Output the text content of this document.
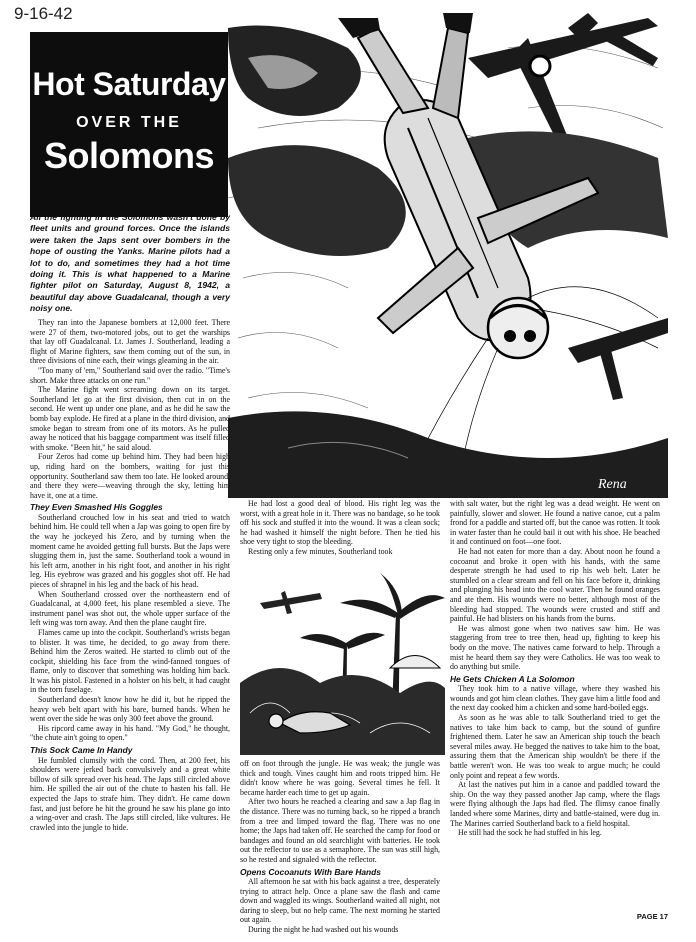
9-16-42
Rena
Hot Saturday
OVER THE
Solomons
All the fighting in the Solomons wasn't done by fleet units and ground forces. Once the islands were taken the Japs sent over bombers in the hope of ousting the Yanks. Marine pilots had a lot to do, and sometimes they had a hot time doing it. This is what happened to a Marine fighter pilot on Saturday, August 8, 1942, a beautiful day above Guadalcanal, though a very noisy one.

They ran into the Japanese bombers at 12,000 feet. There were 27 of them, two-motored jobs, out to get the warships that lay off Guadalcanal. Lt. James J. Southerland, leading a flight of Marine fighters, saw them coming out of the sun, in three divisions of nine each, their wings gleaming in the air.

"Too many of 'em," Southerland said over the radio. "Time's short. Make three attacks on one run."

The Marine fight went screaming down on its target. Southerland let go at the first division, then cut in on the second. He went up under one plane, and as he did he saw the bomb bay explode. He fired at a plane in the third division, and smoke began to stream from one of its motors. As he pulled away he noticed that his baggage compartment was itself filled with smoke. "Been hit," he said aloud.

Four Zeros had come up behind him. They had been high up, riding hard on the bombers, waiting for just this opportunity. Southerland saw them too late. He looked around, and there they were—weaving through the sky, letting him have it, one at a time.

They Even Smashed His Goggles

Southerland crouched low in his seat and tried to watch behind him. He could tell when a Jap was going to open fire by the way he jockeyed his Zero, and by turning when the moment came he avoided getting full bursts. But the Japs were slugging them in, just the same. Southerland took a wound in his left arm, another in his right foot, and another in his right leg. His eyebrow was grazed and his goggles shot off. He had pieces of shrapnel in his leg and the back of his head.

When Southerland crossed over the northeastern end of Guadalcanal, at 4,000 feet, his plane resembled a sieve. The instrument panel was shot out, the whole upper surface of the left wing was torn away. And then the plane caught fire.

Flames came up into the cockpit. Southerland's wrists began to blister. It was time, he decided, to go away from there. Behind him the Zeros waited. He started to climb out of the cockpit, shielding his face from the wind-fanned tongues of flame, only to discover that something was holding him back. It was his pistol. Fastened in a holster on his belt, it had caught in the torn fuselage.

Southerland doesn't know how he did it, but he ripped the heavy web belt apart with his bare, burned hands. When he went over the side he was only 300 feet above the ground.

His ripcord came away in his hand. "My God," he thought, "the chute ain't going to open."

This Sock Came In Handy

He fumbled clumsily with the cord. Then, at 200 feet, his shoulders were jerked back convulsively and a great white billow of silk spread over his head. The Japs still circled above him. He spilled the air out of the chute to hasten his fall. He expected the Japs to strafe him. They didn't. He came down fast, and just before he hit the ground he saw his plane go into a wing-over and crash. The Japs still circled, like vultures. He crawled into the jungle to hide.

He had lost a good deal of blood. His right leg was the worst, with a great hole in it. There was no bandage, so he took off his sock and stuffed it into the wound. It was a clean sock; he had washed it himself the night before. Then he tied his shoe very tight to stop the bleeding.

Resting only a few minutes, Southerland took

off on foot through the jungle. He was weak; the jungle was thick and tough. Vines caught him and roots tripped him. He didn't know where he was going. Several times he fell. It became harder each time to get up again.

After two hours he reached a clearing and saw a Jap flag in the distance. There was no turning back, so he ripped a branch from a tree and limped toward the flag. There was no one home; the Japs had taken off. He searched the camp for food or bandages and found an old searchlight with batteries. He took out the reflector to use as a semaphore. The sun was still high, so he rested and signaled with the reflector.

Opens Cocoanuts With Bare Hands

All afternoon he sat with his back against a tree, desperately trying to attract help. Once a plane saw the flash and came down and waggled its wings. Southerland waited all night, not daring to sleep, but no help came. The next morning he started out again.

During the night he had washed out his wounds

with salt water, but the right leg was a dead weight. He went on painfully, slower and slower. He found a native canoe, cut a palm frond for a paddle and started off, but the canoe was rotten. It took in water faster than he could bail it out with his shoe. He beached it and continued on foot—one foot.

He had not eaten for more than a day. About noon he found a cocoanut and broke it open with his hands, with the same desperate strength he had used to rip his web belt. Later he stumbled on a clear stream and fell on his face before it, drinking and plunging his head into the cool water. Then he found oranges and ate them. His wounds were no better, although most of the bleeding had stopped. The wounds were crusted and stiff and painful. He had blisters on his hands from the burns.

He was almost gone when two natives saw him. He was staggering from tree to tree then, head up, fighting to keep his body on the move. The natives came forward to help. Through a mist he heard them say they were Catholics. He was too weak to do anything but smile.

He Gets Chicken A La Solomon

They took him to a native village, where they washed his wounds and got him clean clothes. They gave him a little food and the next day cooked him a chicken and some hard-boiled eggs.

As soon as he was able to talk Southerland tried to get the natives to take him back to camp, but the sound of gunfire frightened them. Later he saw an American ship touch the beach several miles away. He begged the natives to take him to the boat, assuring them that the American ship wouldn't be there if the battle weren't won. He was too weak to argue much; he could only point and repeat a few words.

At last the natives put him in a canoe and paddled toward the ship. On the way they passed another Jap camp, where the flags were flying although the Japs had fled. The flimsy canoe finally landed where some Marines, dirty and battle-stained, were dug in. The Marines carried Southerland back to a field hospital.

He still had the sock he had stuffed in his leg.

PAGE 17
